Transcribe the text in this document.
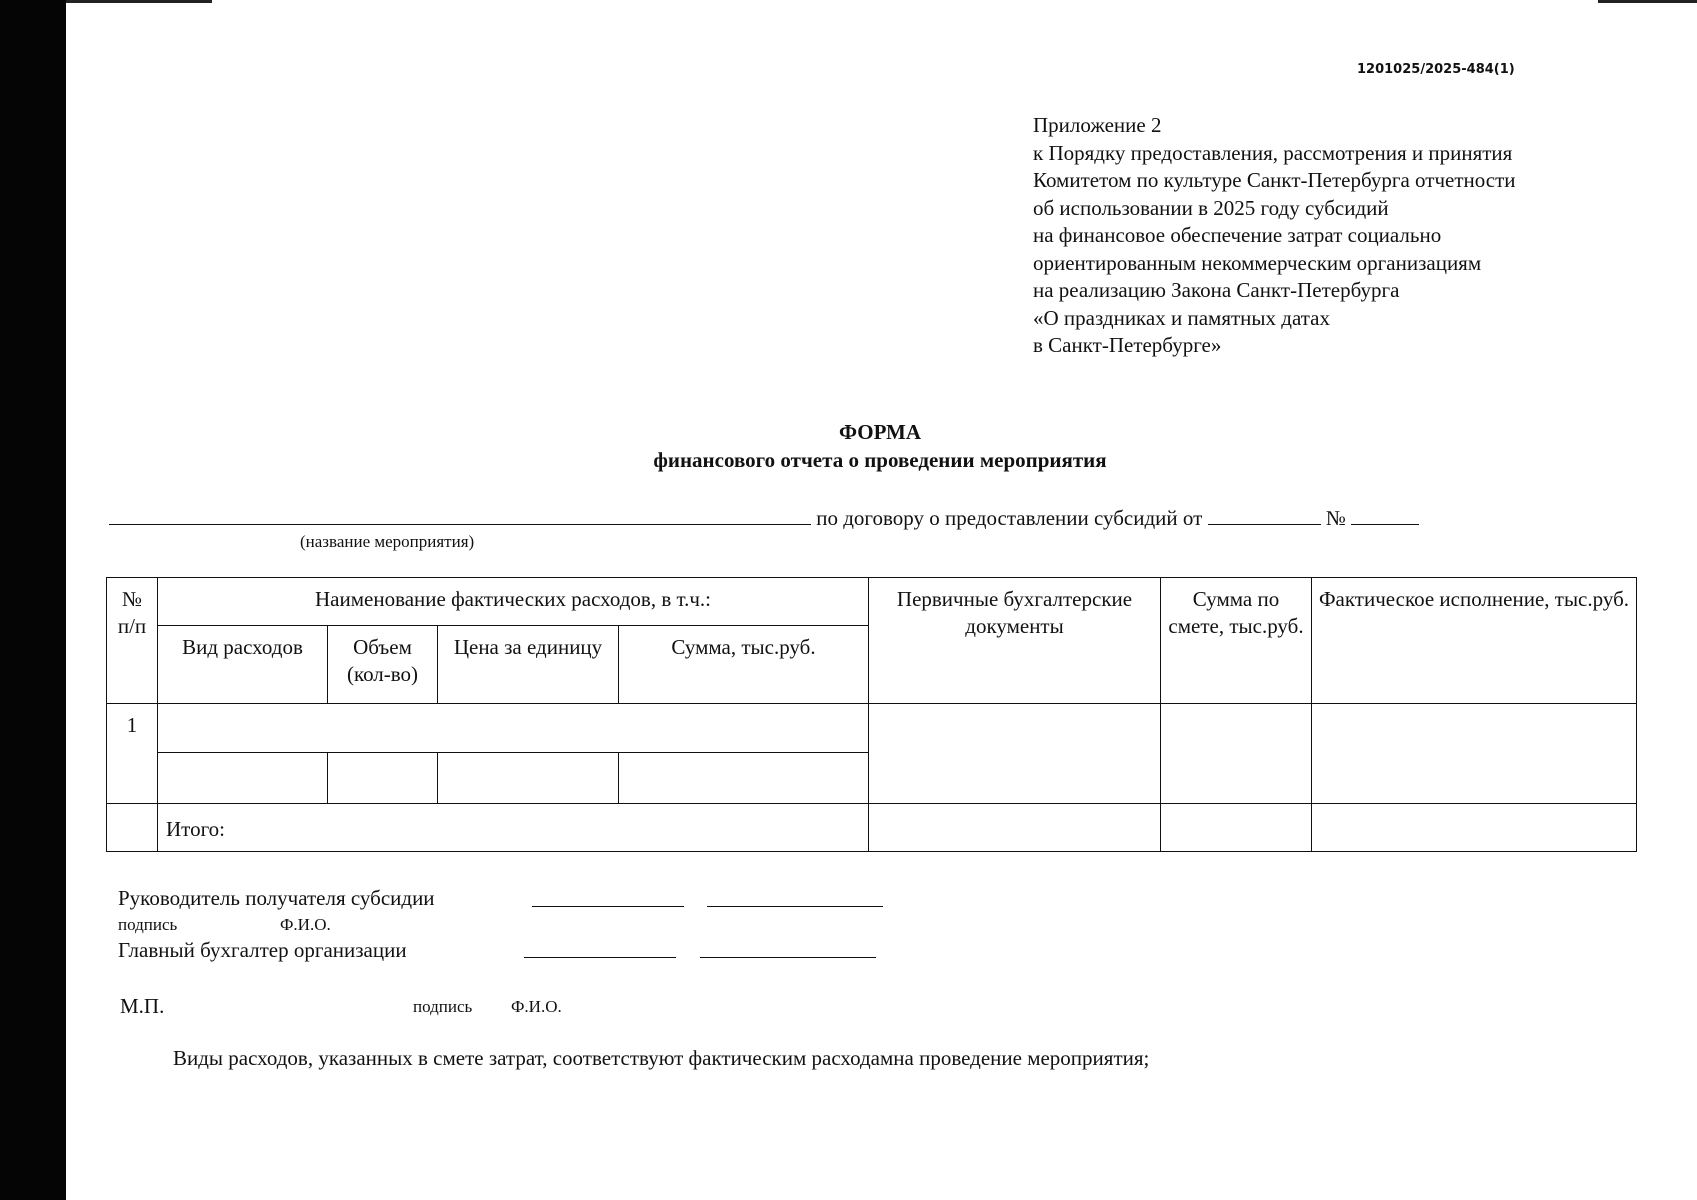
1201025/2025-484(1)
Приложение 2
к Порядку предоставления, рассмотрения и принятия
Комитетом по культуре Санкт-Петербурга отчетности
об использовании в 2025 году субсидий
на финансовое обеспечение затрат социально
ориентированным некоммерческим организациям
на реализацию Закона Санкт-Петербурга
«О праздниках и памятных датах
в Санкт-Петербурге»
ФОРМА
финансового отчета о проведении мероприятия
по договору о предоставлении субсидий от	№
(название мероприятия)
№ п/п	Наименование фактических расходов, в т.ч.:				Первичные бухгалтерские документы	Сумма по смете, тыс.руб.	Фактическое исполнение, тыс.руб.
	Вид расходов	Объем (кол-во)	Цена за единицу	Сумма, тыс.руб.			
1							

	Итого:						
Руководитель получателя субсидии
подпись	Ф.И.О.
Главный бухгалтер организации
М.П.	подпись Ф.И.О.
Виды расходов, указанных в смете затрат, соответствуют фактическим расходамна проведение мероприятия;
